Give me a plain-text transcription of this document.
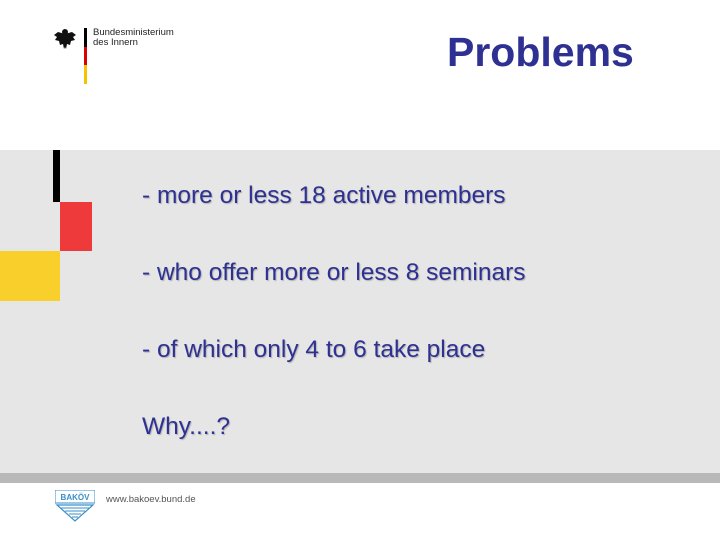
Bundesministerium
des Innern	Problems
- more or less 18 active members
- who offer more or less 8 seminars
- of which only 4 to 6 take place
Why....?
BAKÖV www.bakoev.bund.de
